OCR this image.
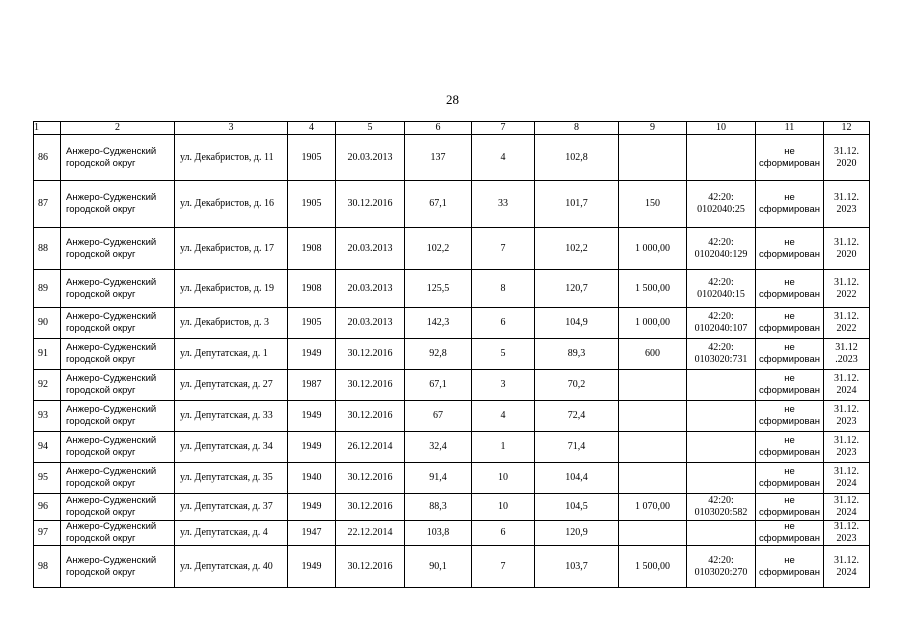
28
1	2	3	4	5	6	7	8	9	10	11	12
86	Анжеро-Судженский городской округ	ул. Декабристов, д. 11	1905	20.03.2013	137	4	102,8			не сформирован	31.12. 2020
87	Анжеро-Судженский городской округ	ул. Декабристов, д. 16	1905	30.12.2016	67,1	33	101,7	150	42:20: 0102040:25	не сформирован	31.12. 2023
88	Анжеро-Судженский городской округ	ул. Декабристов, д. 17	1908	20.03.2013	102,2	7	102,2	1 000,00	42:20: 0102040:129	не сформирован	31.12. 2020
89	Анжеро-Судженский городской округ	ул. Декабристов, д. 19	1908	20.03.2013	125,5	8	120,7	1 500,00	42:20: 0102040:15	не сформирован	31.12. 2022
90	Анжеро-Судженский городской округ	ул. Декабристов, д. 3	1905	20.03.2013	142,3	6	104,9	1 000,00	42:20: 0102040:107	не сформирован	31.12. 2022
91	Анжеро-Судженский городской округ	ул. Депутатская, д. 1	1949	30.12.2016	92,8	5	89,3	600	42:20: 0103020:731	не сформирован	31.12 .2023
92	Анжеро-Судженский городской округ	ул. Депутатская, д. 27	1987	30.12.2016	67,1	3	70,2			не сформирован	31.12. 2024
93	Анжеро-Судженский городской округ	ул. Депутатская, д. 33	1949	30.12.2016	67	4	72,4			не сформирован	31.12. 2023
94	Анжеро-Судженский городской округ	ул. Депутатская, д. 34	1949	26.12.2014	32,4	1	71,4			не сформирован	31.12. 2023
95	Анжеро-Судженский городской округ	ул. Депутатская, д. 35	1940	30.12.2016	91,4	10	104,4			не сформирован	31.12. 2024
96	Анжеро-Судженский городской округ	ул. Депутатская, д. 37	1949	30.12.2016	88,3	10	104,5	1 070,00	42:20: 0103020:582	не сформирован	31.12. 2024
97	Анжеро-Судженский городской округ	ул. Депутатская, д. 4	1947	22.12.2014	103,8	6	120,9			не сформирован	31.12. 2023
98	Анжеро-Судженский городской округ	ул. Депутатская, д. 40	1949	30.12.2016	90,1	7	103,7	1 500,00	42:20: 0103020:270	не сформирован	31.12. 2024
